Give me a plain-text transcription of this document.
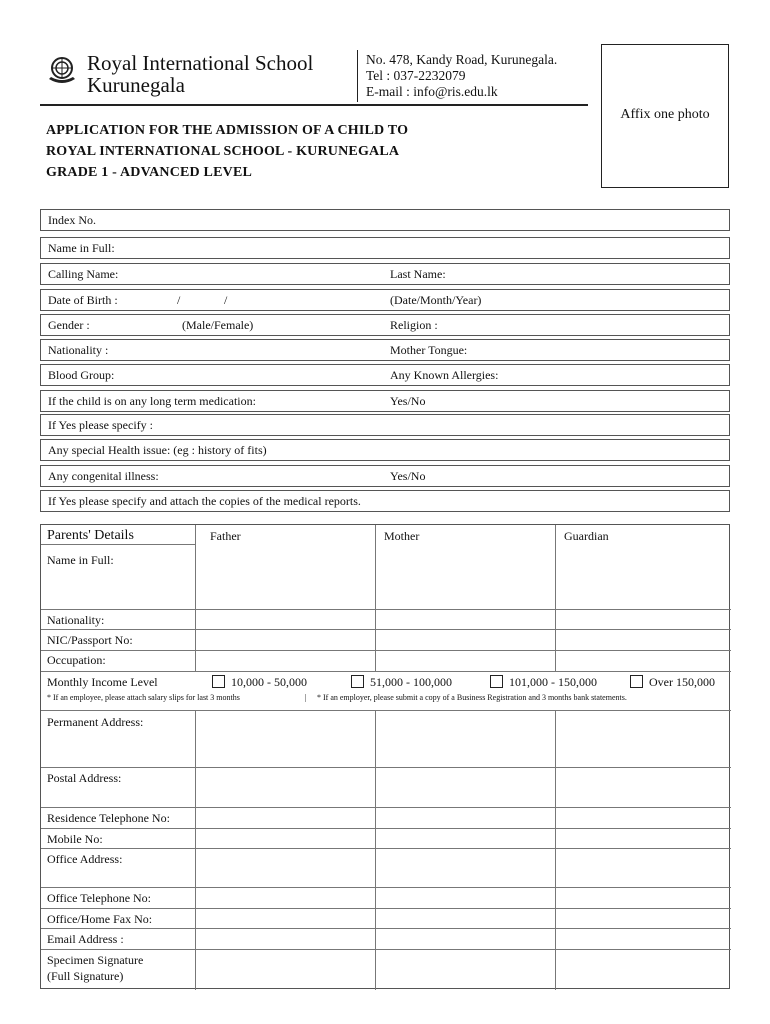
Royal International School
Kurunegala
No. 478, Kandy Road, Kurunegala.
Tel : 037-2232079
E-mail : info@ris.edu.lk
Affix one photo
APPLICATION FOR THE ADMISSION OF A CHILD TO
ROYAL INTERNATIONAL SCHOOL - KURUNEGALA
GRADE 1 - ADVANCED LEVEL
Index No.
Name in Full:
Calling Name:	Last Name:
Date of Birth :	/	/	(Date/Month/Year)
Gender :	(Male/Female)	Religion :
Nationality :	Mother Tongue:
Blood Group:	Any Known Allergies:
If the child is on any long term medication:	Yes/No
If Yes please specify :
Any special Health issue: (eg : history of fits)
Any congenital illness:	Yes/No
If Yes please specify and attach the copies of the medical reports.
Parents' Details	Father	Mother	Guardian
Name in Full:
Nationality:
NIC/Passport No:
Occupation:
Monthly Income Level	10,000 - 50,000	51,000 - 100,000	101,000 - 150,000	Over 150,000
* If an employee, please attach salary slips for last 3 months	| * If an employer, please submit a copy of a Business Registration and 3 months bank statements.
Permanent Address:
Postal Address:
Residence Telephone No:
Mobile No:
Office Address:
Office Telephone No:
Office/Home Fax No:
Email Address :
Specimen Signature
(Full Signature)
